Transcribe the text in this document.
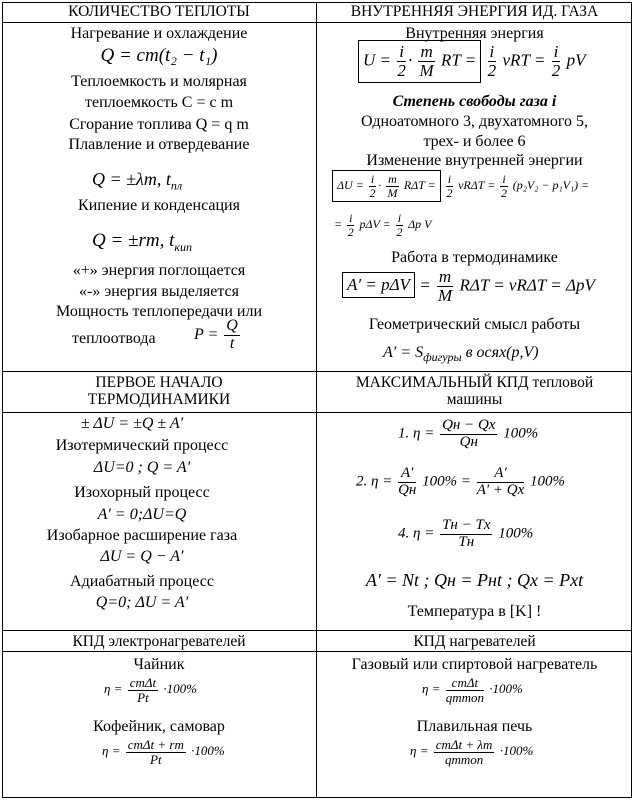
КОЛИЧЕСТВО ТЕПЛОТЫ
Нагревание и охлаждение
Q = cm(t₂ − t₁)
Теплоемкость и молярная
теплоемкость C = c m
Сгорание топлива Q = q m
Плавление и отвердевание
Q = ±λm, $t_{пл}$
Кипение и конденсация
Q = ±rm, $t_{кип}$
«+» энергия поглощается
«-» энергия выделяется
Мощность теплопередачи или
теплоотвода $P = \frac{Q}{t}$
ВНУТРЕННЯЯ ЭНЕРГИЯ ИД. ГАЗА
Внутренняя энергия
$U = \frac{i}{2} \cdot \frac{m}{M}$ RT = $\frac{i}{2}$ $\nu RT = \frac{i}{2}$ pV
Степень свободы газа i
Одноатомного 3, двухатомного 5,
трех- и более 6
Изменение внутренней энергии
$\Delta U = \frac{i}{2} \cdot \frac{m}{M}$ $R\Delta T = \frac{i}{2}$ $\nu R\Delta T = \frac{i}{2} (p_2V_2 - p_1V_1)$ =
= $\frac{i}{2}$ $p\Delta V = \frac{i}{2}$ Δp V
Работа в термодинамике
$A' = p\Delta V = \frac{m}{M}$ RΔT = νRΔT = ΔpV
Геометрический смысл работы
$A' = S_{фигуры}$ в осях(p,V)
ПЕРВОЕ НАЧАЛО
ТЕРМОДИНАМИКИ
± ΔU = ±Q ± A′
Изотермический процесс
ΔU=0 ; Q = A′
Изохорный процесс
A′ = 0;ΔU=Q
Изобарное расширение газа
ΔU = Q − A′
Адиабатный процесс
Q=0; ΔU = A′
МАКСИМАЛЬНЫЙ КПД тепловой
машины
1. η =
Qн − Qх
Qн
100%
2. η =
A′
Qн
100% =
A′
A′ + Qх
100%
4. η =
Tн − Tх
Tн
100%
A′ = Nt ; Qн = Pнt ; Qх = Pхt
Температура в [K] !
КПД электронагревателей
Чайник
η = cmΔt
Pt
·100%
Кофейник, самовар
η = cmΔt + rm
Pt
·100%
КПД нагревателей
Газовый или спиртовой нагреватель
η = cmΔt
qmтоп
·100%
Плавильная печь
η = cmΔt + λm
qmтоп
·100%
